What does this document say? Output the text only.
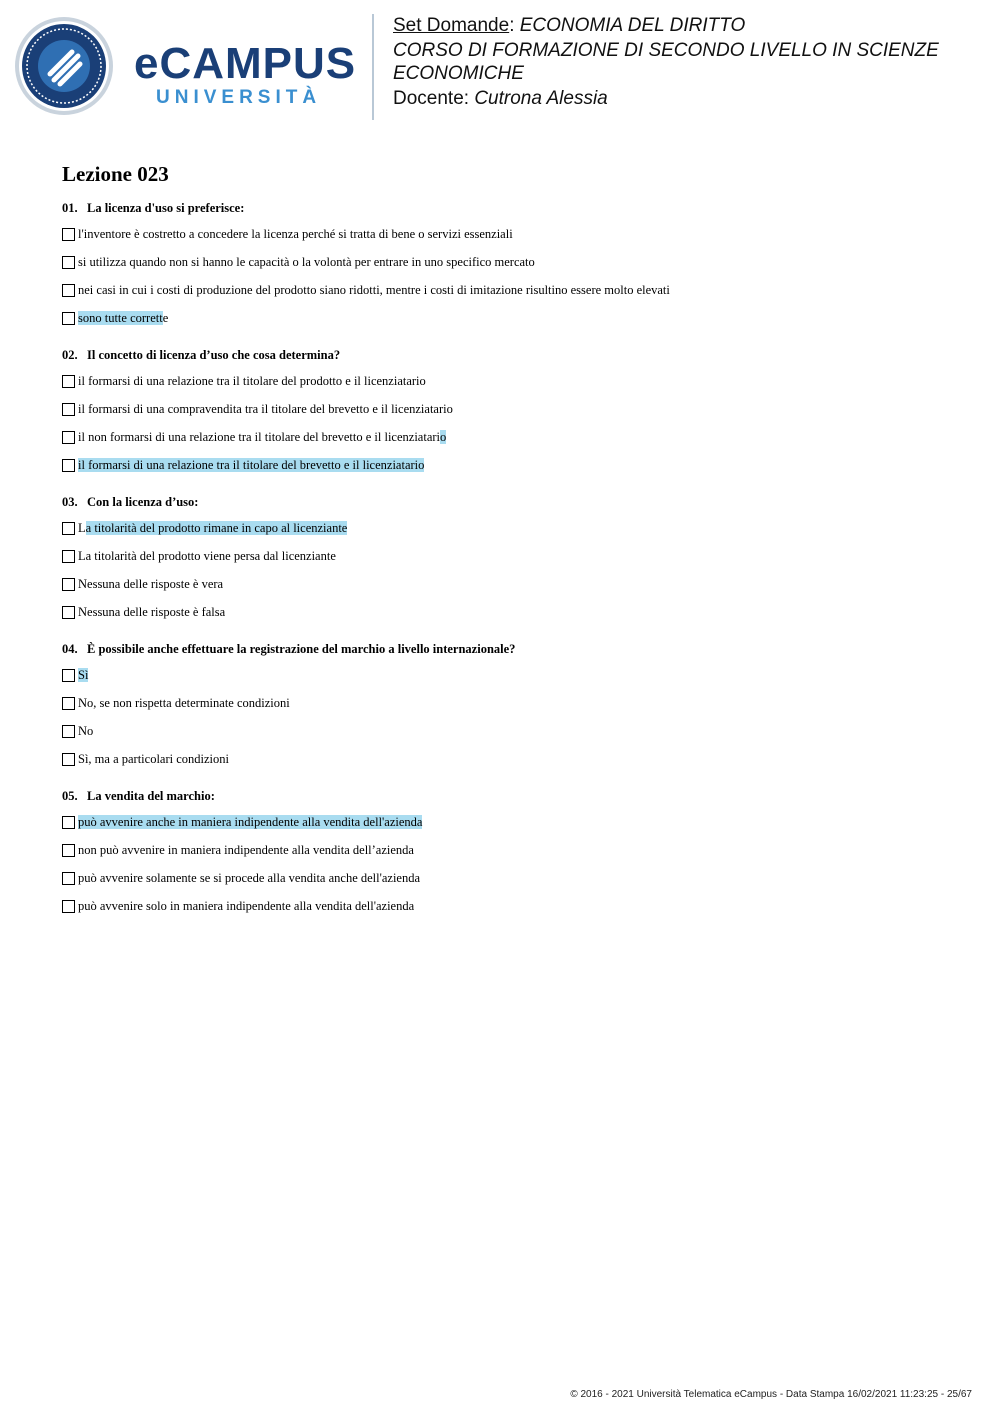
eCAMPUS
UNIVERSITÀ

Set Domande: ECONOMIA DEL DIRITTO

CORSO DI FORMAZIONE DI SECONDO LIVELLO IN SCIENZE ECONOMICHE

Docente: Cutrona Alessia

Lezione 023
01. La licenza d'uso si preferisce:
l'inventore è costretto a concedere la licenza perché si tratta di bene o servizi essenziali
si utilizza quando non si hanno le capacità o la volontà per entrare in uno specifico mercato
nei casi in cui i costi di produzione del prodotto siano ridotti, mentre i costi di imitazione risultino essere molto elevati
sono tutte corrette
02. Il concetto di licenza d’uso che cosa determina?
il formarsi di una relazione tra il titolare del prodotto e il licenziatario
il formarsi di una compravendita tra il titolare del brevetto e il licenziatario
il non formarsi di una relazione tra il titolare del brevetto e il licenziatario
il formarsi di una relazione tra il titolare del brevetto e il licenziatario
03. Con la licenza d’uso:
La titolarità del prodotto rimane in capo al licenziante
La titolarità del prodotto viene persa dal licenziante
Nessuna delle risposte è vera
Nessuna delle risposte è falsa
04. È possibile anche effettuare la registrazione del marchio a livello internazionale?
Sì
No, se non rispetta determinate condizioni
No
Sì, ma a particolari condizioni
05. La vendita del marchio:
può avvenire anche in maniera indipendente alla vendita dell'azienda
non può avvenire in maniera indipendente alla vendita dell’azienda
può avvenire solamente se si procede alla vendita anche dell'azienda
può avvenire solo in maniera indipendente alla vendita dell'azienda
© 2016 - 2021 Università Telematica eCampus - Data Stampa 16/02/2021 11:23:25 - 25/67
